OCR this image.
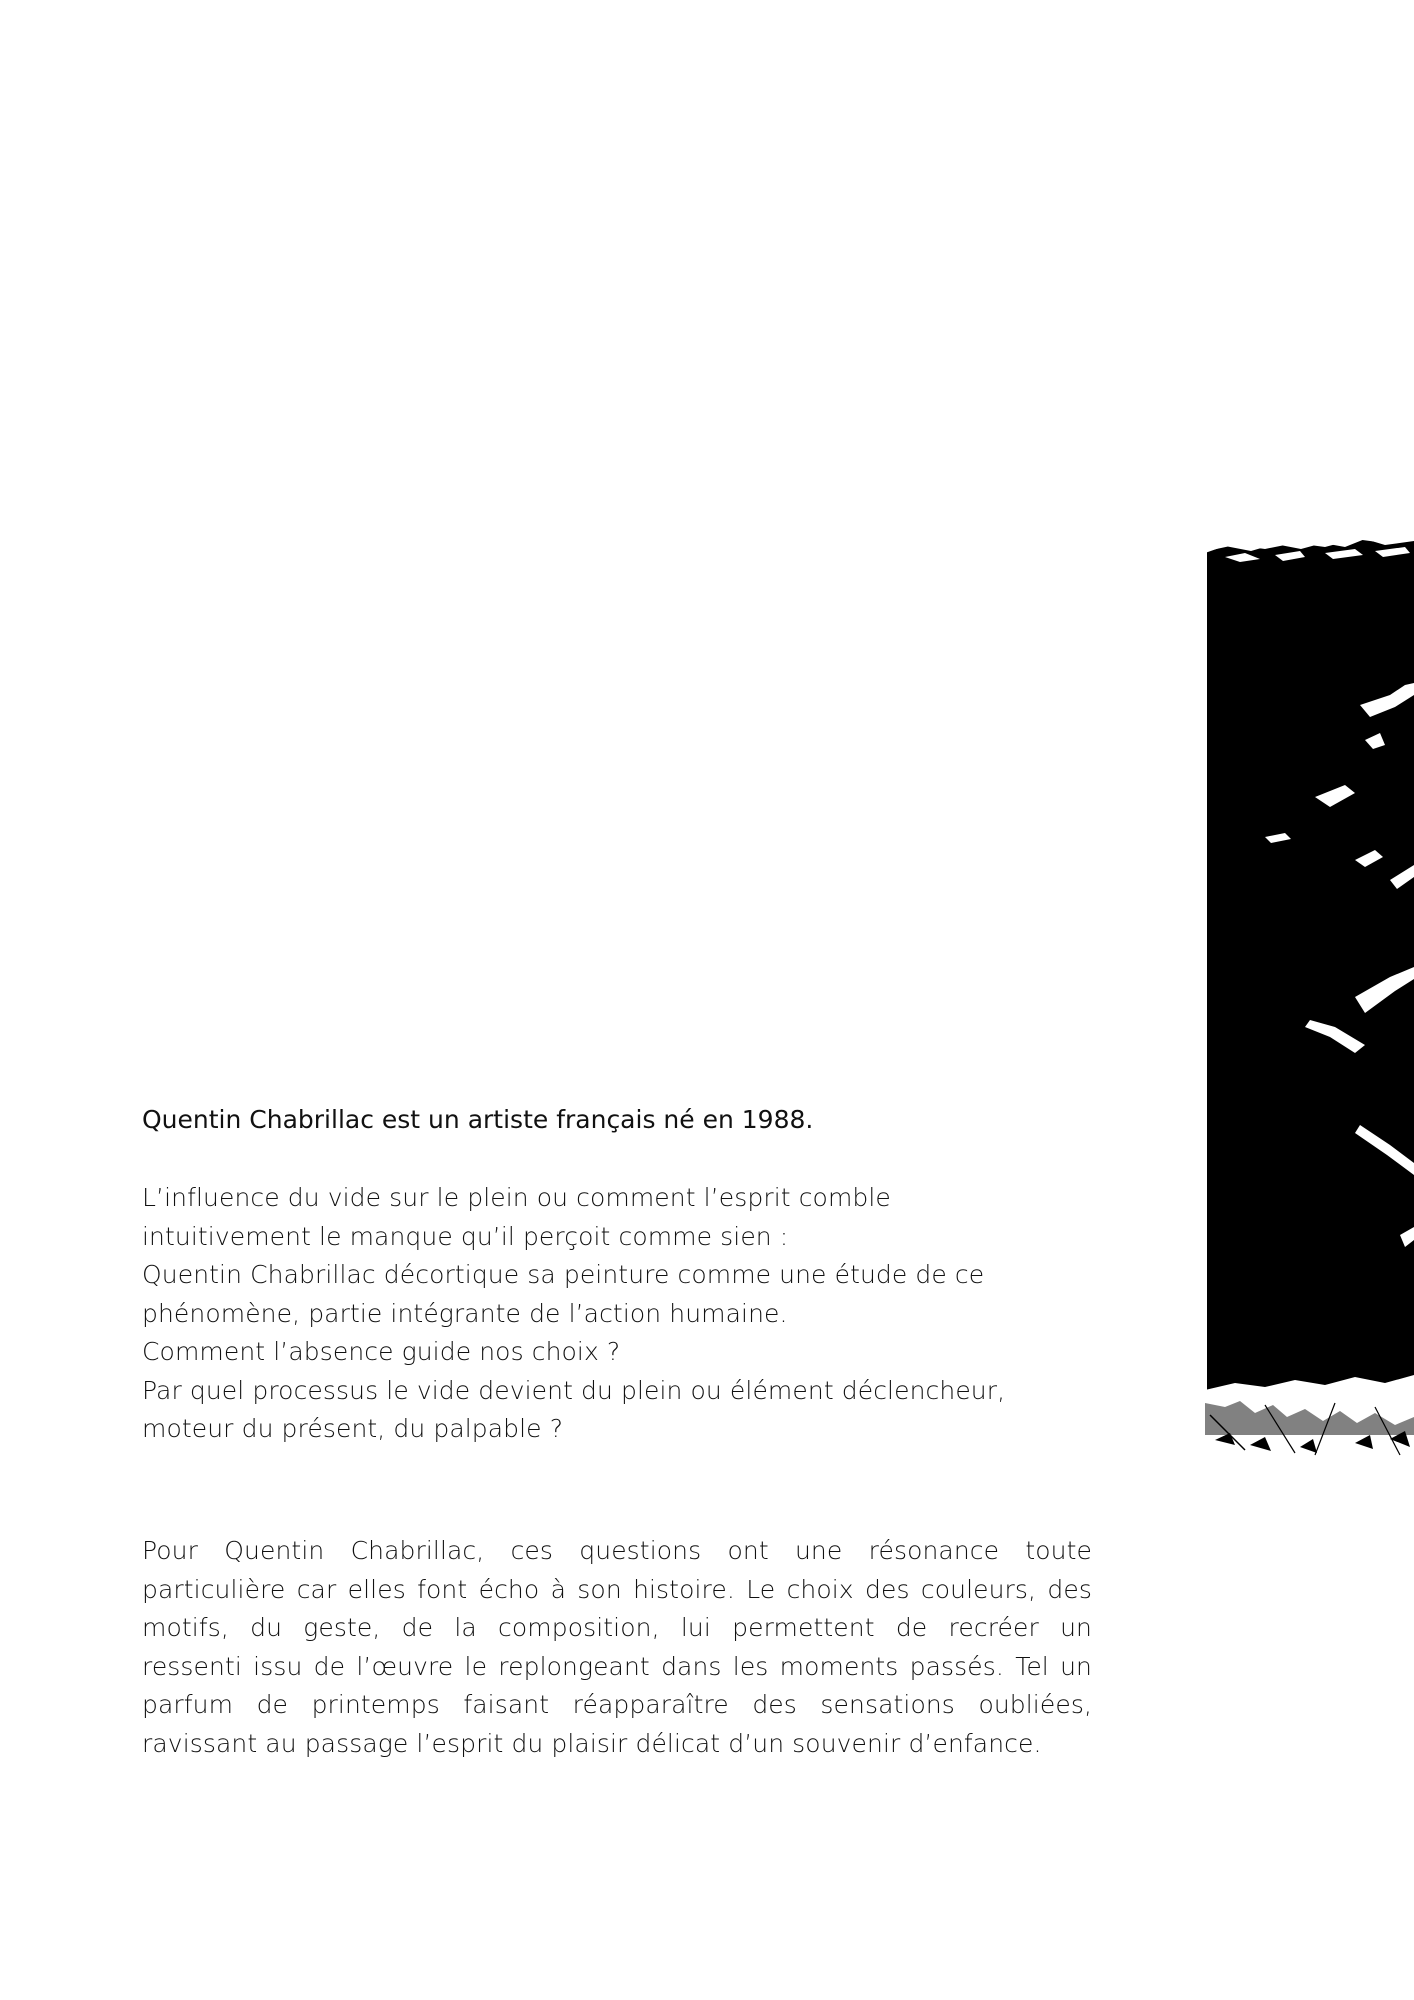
Quentin Chabrillac est un artiste français né en 1988.
L’influence du vide sur le plein ou comment l’esprit comble
intuitivement le manque qu’il perçoit comme sien :
Quentin Chabrillac décortique sa peinture comme une étude de ce
phénomène, partie intégrante de l’action humaine.
Comment l’absence guide nos choix ?
Par quel processus le vide devient du plein ou élément déclencheur,
moteur du présent, du palpable ?
Pour Quentin Chabrillac, ces questions ont une résonance toute
particulière car elles font écho à son histoire. Le choix des couleurs, des
motifs, du geste, de la composition, lui permettent de recréer un
ressenti issu de l’œuvre le replongeant dans les moments passés. Tel un
parfum de printemps faisant réapparaître des sensations oubliées,
ravissant au passage l’esprit du plaisir délicat d’un souvenir d’enfance.
